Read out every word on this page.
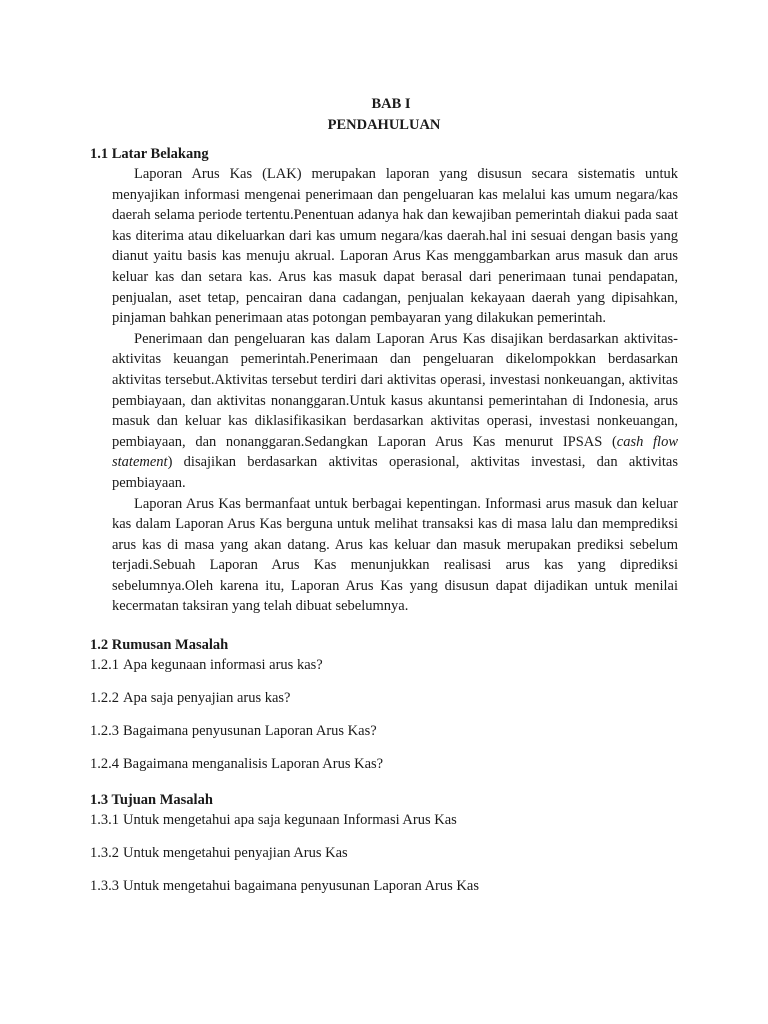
BAB I
PENDAHULUAN
1.1 Latar Belakang

Laporan Arus Kas (LAK) merupakan laporan yang disusun secara sistematis untuk menyajikan informasi mengenai penerimaan dan pengeluaran kas melalui kas umum negara/kas daerah selama periode tertentu.Penentuan adanya hak dan kewajiban pemerintah diakui pada saat kas diterima atau dikeluarkan dari kas umum negara/kas daerah.hal ini sesuai dengan basis yang dianut yaitu basis kas menuju akrual. Laporan Arus Kas menggambarkan arus masuk dan arus keluar kas dan setara kas. Arus kas masuk dapat berasal dari penerimaan tunai pendapatan, penjualan, aset tetap, pencairan dana cadangan, penjualan kekayaan daerah yang dipisahkan, pinjaman bahkan penerimaan atas potongan pembayaran yang dilakukan pemerintah.

Penerimaan dan pengeluaran kas dalam Laporan Arus Kas disajikan berdasarkan aktivitas-aktivitas keuangan pemerintah.Penerimaan dan pengeluaran dikelompokkan berdasarkan aktivitas tersebut.Aktivitas tersebut terdiri dari aktivitas operasi, investasi nonkeuangan, aktivitas pembiayaan, dan aktivitas nonanggaran.Untuk kasus akuntansi pemerintahan di Indonesia, arus masuk dan keluar kas diklasifikasikan berdasarkan aktivitas operasi, investasi nonkeuangan, pembiayaan, dan nonanggaran.Sedangkan Laporan Arus Kas menurut IPSAS (cash flow statement) disajikan berdasarkan aktivitas operasional, aktivitas investasi, dan aktivitas pembiayaan.

Laporan Arus Kas bermanfaat untuk berbagai kepentingan. Informasi arus masuk dan keluar kas dalam Laporan Arus Kas berguna untuk melihat transaksi kas di masa lalu dan memprediksi arus kas di masa yang akan datang. Arus kas keluar dan masuk merupakan prediksi sebelum terjadi.Sebuah Laporan Arus Kas menunjukkan realisasi arus kas yang diprediksi sebelumnya.Oleh karena itu, Laporan Arus Kas yang disusun dapat dijadikan untuk menilai kecermatan taksiran yang telah dibuat sebelumnya.

1.2 Rumusan Masalah
1.2.1 Apa kegunaan informasi arus kas?
1.2.2 Apa saja penyajian arus kas?
1.2.3 Bagaimana penyusunan Laporan Arus Kas?
1.2.4 Bagaimana menganalisis Laporan Arus Kas?
1.3 Tujuan Masalah
1.3.1 Untuk mengetahui apa saja kegunaan Informasi Arus Kas
1.3.2 Untuk mengetahui penyajian Arus Kas
1.3.3 Untuk mengetahui bagaimana penyusunan Laporan Arus Kas
